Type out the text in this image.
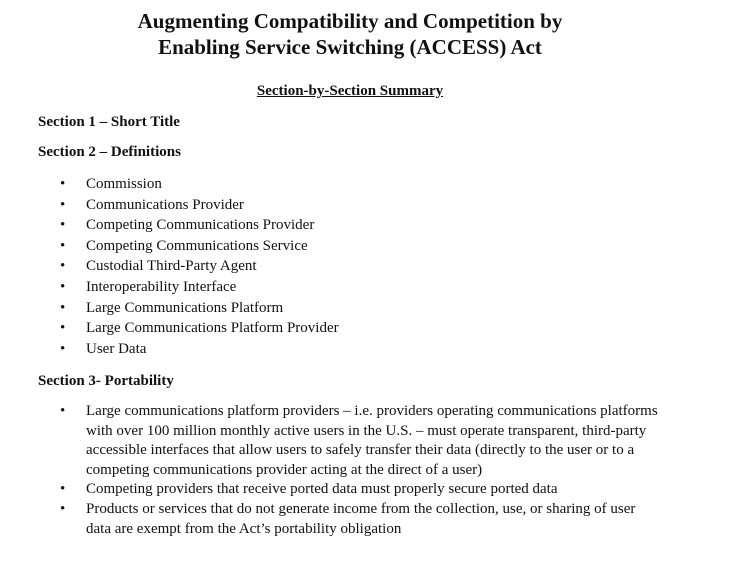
Augmenting Compatibility and Competition by
Enabling Service Switching (ACCESS) Act
Section-by-Section Summary
Section 1 – Short Title
Section 2 – Definitions
•
Commission
•
Communications Provider
•
Competing Communications Provider
•
Competing Communications Service
•
Custodial Third-Party Agent
•
Interoperability Interface
•
Large Communications Platform
•
Large Communications Platform Provider
•
User Data
Section 3- Portability
•
Large communications platform providers – i.e. providers operating communications platforms with over 100 million monthly active users in the U.S. – must operate transparent, third-party accessible interfaces that allow users to safely transfer their data (directly to the user or to a competing communications provider acting at the direct of a user)
•
Competing providers that receive ported data must properly secure ported data
•
Products or services that do not generate income from the collection, use, or sharing of user data are exempt from the Act’s portability obligation
